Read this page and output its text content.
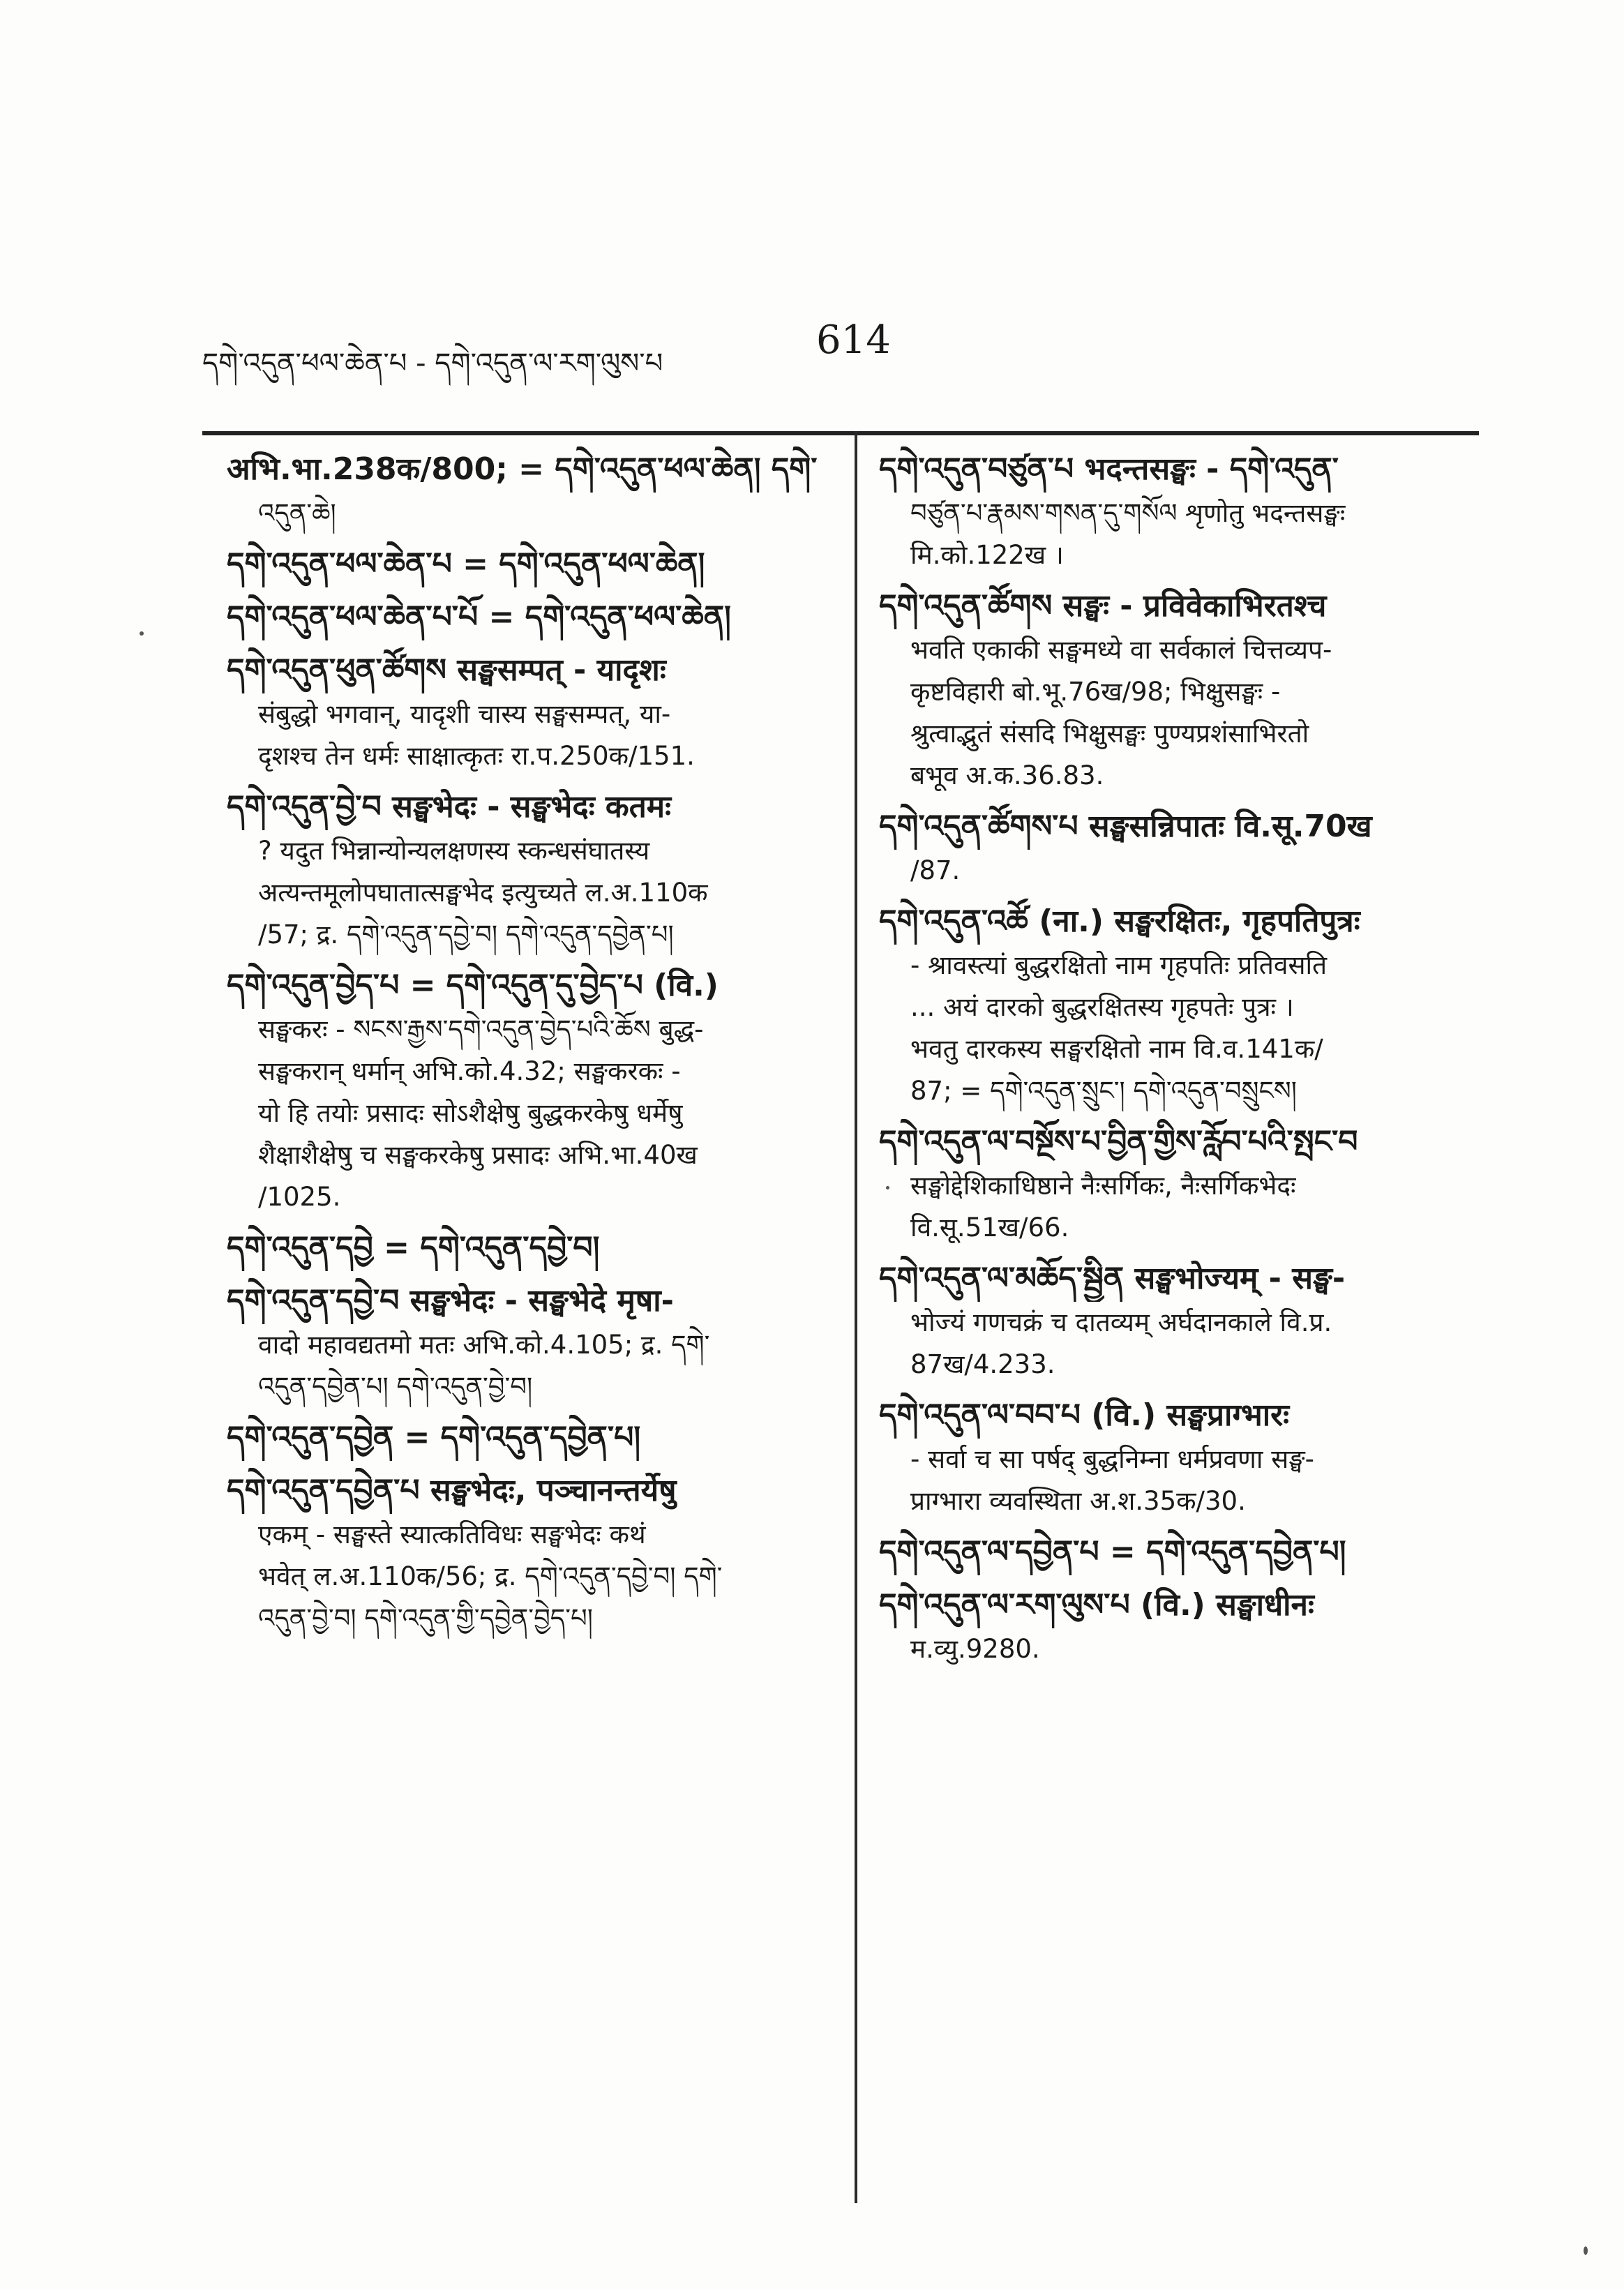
དགེ་འདུན་ཕལ་ཆེན་པ - དགེ་འདུན་ལ་རག་ལུས་པ
614
अभि.भा.238क/800; = དགེ་འདུན་ཕལ་ཆེན། དགེ་
འདུན་ཆེ།
དགེ་འདུན་ཕལ་ཆེན་པ = དགེ་འདུན་ཕལ་ཆེན།
དགེ་འདུན་ཕལ་ཆེན་པ་པོ = དགེ་འདུན་ཕལ་ཆེན།
དགེ་འདུན་ཕུན་ཚོགས सङ्घसम्पत् - यादृशः
संबुद्धो भगवान्, यादृशी चास्य सङ्घसम्पत्, या-
दृशश्च तेन धर्मः साक्षात्कृतः रा.प.250क/151.
དགེ་འདུན་བྱེ་བ सङ्घभेदः - सङ्घभेदः कतमः
? यदुत भिन्नान्योन्यलक्षणस्य स्कन्धसंघातस्य
अत्यन्तमूलोपघातात्सङ्घभेद इत्युच्यते ल.अ.110क
/57; द्र. དགེ་འདུན་དབྱེ་བ། དགེ་འདུན་དབྱེན་པ།
དགེ་འདུན་བྱེད་པ = དགེ་འདུན་དུ་བྱེད་པ (वि.)
सङ्घकरः - སངས་རྒྱས་དགེ་འདུན་བྱེད་པའི་ཆོས बुद्ध-
सङ्घकरान् धर्मान् अभि.को.4.32; सङ्घकरकः -
यो हि तयोः प्रसादः सोऽशैक्षेषु बुद्धकरकेषु धर्मेषु
शैक्षाशैक्षेषु च सङ्घकरकेषु प्रसादः अभि.भा.40ख
/1025.
དགེ་འདུན་དབྱེ = དགེ་འདུན་དབྱེ་བ།
དགེ་འདུན་དབྱེ་བ सङ्घभेदः - सङ्घभेदे मृषा-
वादो महावद्यतमो मतः अभि.को.4.105; द्र. དགེ་
འདུན་དབྱེན་པ། དགེ་འདུན་བྱེ་བ།
དགེ་འདུན་དབྱེན = དགེ་འདུན་དབྱེན་པ།
དགེ་འདུན་དབྱེན་པ सङ्घभेदः, पञ्चानन्तर्येषु
एकम् - सङ्घस्ते स्यात्कतिविधः सङ्घभेदः कथं
भवेत् ल.अ.110क/56; द्र. དགེ་འདུན་དབྱེ་བ། དགེ་
འདུན་བྱེ་བ། དགེ་འདུན་གྱི་དབྱེན་བྱེད་པ།
དགེ་འདུན་བཙུན་པ भदन्तसङ्घः - དགེ་འདུན་
བཙུན་པ་རྣམས་གསན་དུ་གསོལ शृणोतु भदन्तसङ्घः
मि.को.122ख ।
དགེ་འདུན་ཚོགས सङ्घः - प्रविवेकाभिरतश्च
भवति एकाकी सङ्घमध्ये वा सर्वकालं चित्तव्यप-
कृष्टविहारी बो.भू.76ख/98; भिक्षुसङ्घः -
श्रुत्वाद्भुतं संसदि भिक्षुसङ्घः पुण्यप्रशंसाभिरतो
बभूव अ.क.36.83.
དགེ་འདུན་ཚོགས་པ सङ्घसन्निपातः वि.सू.70ख
/87.
དགེ་འདུན་འཚོ (ना.) सङ्घरक्षितः, गृहपतिपुत्रः
- श्रावस्त्यां बुद्धरक्षितो नाम गृहपतिः प्रतिवसति
... अयं दारको बुद्धरक्षितस्य गृहपतेः पुत्रः ।
भवतु दारकस्य सङ्घरक्षितो नाम वि.व.141क/
87; = དགེ་འདུན་སྲུང་། དགེ་འདུན་བསྲུངས།
དགེ་འདུན་ལ་བསྔོས་པ་བྱིན་གྱིས་རློབ་པའི་སྤང་བ
सङ्घोद्देशिकाधिष्ठाने नैःसर्गिकः, नैःसर्गिकभेदः
वि.सू.51ख/66.
དགེ་འདུན་ལ་མཆོད་སྦྱིན सङ्घभोज्यम् - सङ्घ-
भोज्यं गणचक्रं च दातव्यम् अर्घदानकाले वि.प्र.
87ख/4.233.
དགེ་འདུན་ལ་བབ་པ (वि.) सङ्घप्राग्भारः
- सर्वा च सा पर्षद् बुद्धनिम्ना धर्मप्रवणा सङ्घ-
प्राग्भारा व्यवस्थिता अ.श.35क/30.
དགེ་འདུན་ལ་དབྱེན་པ = དགེ་འདུན་དབྱེན་པ།
དགེ་འདུན་ལ་རག་ལུས་པ (वि.) सङ्घाधीनः
म.व्यु.9280.
